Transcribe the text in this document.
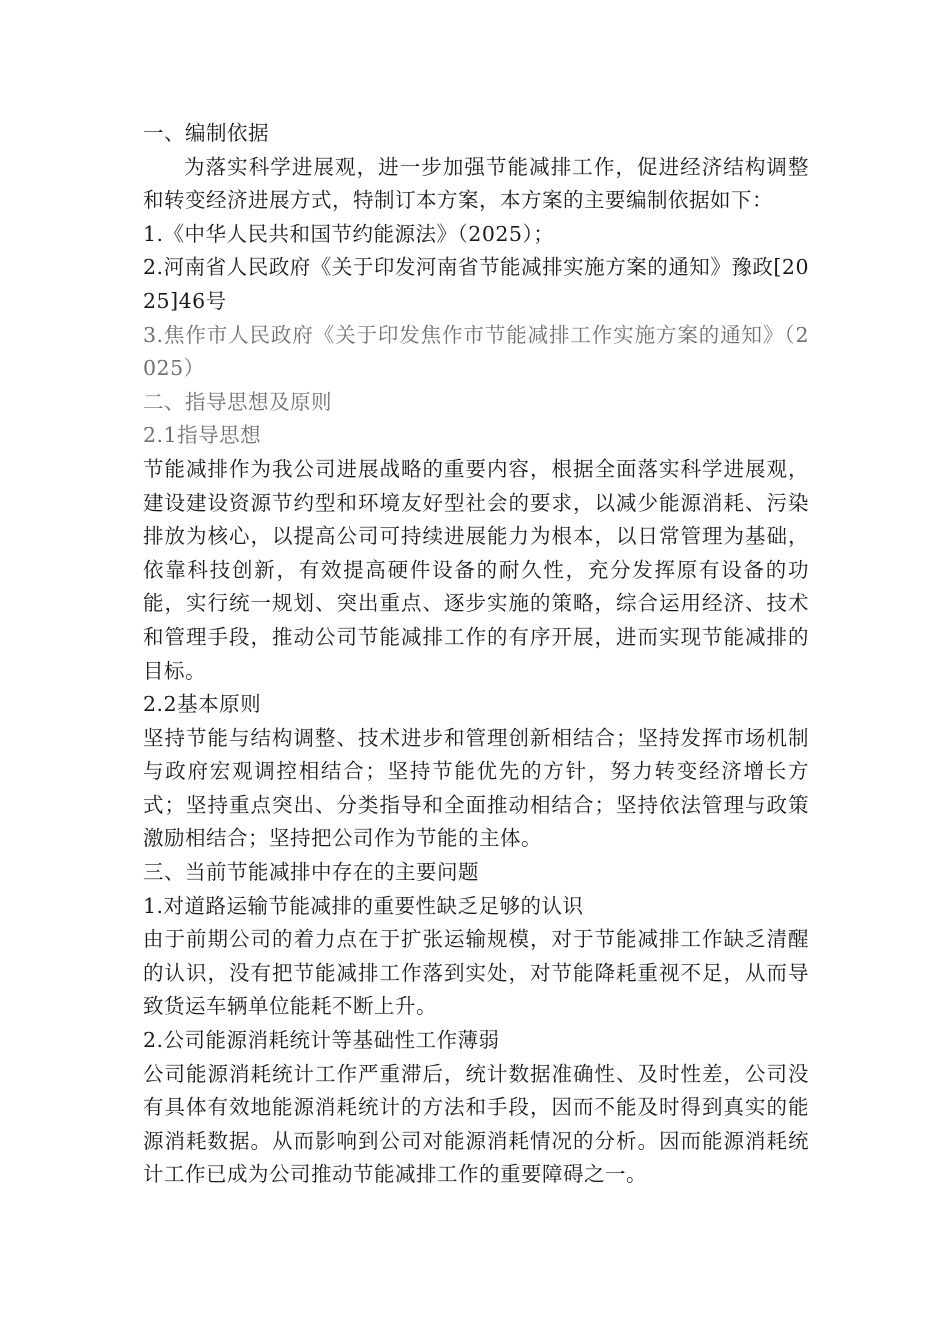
一、编制依据

为落实科学进展观，进一步加强节能减排工作，促进经济结构调整和转变经济进展方式，特制订本方案，本方案的主要编制依据如下：

1.《中华人民共和国节约能源法》（2025）；

2.河南省人民政府《关于印发河南省节能减排实施方案的通知》豫政[2025]46号

3.焦作市人民政府《关于印发焦作市节能减排工作实施方案的通知》（2025）

二、指导思想及原则

2.1指导思想

节能减排作为我公司进展战略的重要内容，根据全面落实科学进展观，建设建设资源节约型和环境友好型社会的要求，以减少能源消耗、污染排放为核心，以提高公司可持续进展能力为根本，以日常管理为基础，依靠科技创新，有效提高硬件设备的耐久性，充分发挥原有设备的功能，实行统一规划、突出重点、逐步实施的策略，综合运用经济、技术和管理手段，推动公司节能减排工作的有序开展，进而实现节能减排的目标。

2.2基本原则

坚持节能与结构调整、技术进步和管理创新相结合；坚持发挥市场机制与政府宏观调控相结合；坚持节能优先的方针，努力转变经济增长方式；坚持重点突出、分类指导和全面推动相结合；坚持依法管理与政策激励相结合；坚持把公司作为节能的主体。

三、当前节能减排中存在的主要问题

1.对道路运输节能减排的重要性缺乏足够的认识

由于前期公司的着力点在于扩张运输规模，对于节能减排工作缺乏清醒的认识，没有把节能减排工作落到实处，对节能降耗重视不足，从而导致货运车辆单位能耗不断上升。

2.公司能源消耗统计等基础性工作薄弱

公司能源消耗统计工作严重滞后，统计数据准确性、及时性差，公司没有具体有效地能源消耗统计的方法和手段，因而不能及时得到真实的能源消耗数据。从而影响到公司对能源消耗情况的分析。因而能源消耗统计工作已成为公司推动节能减排工作的重要障碍之一。
